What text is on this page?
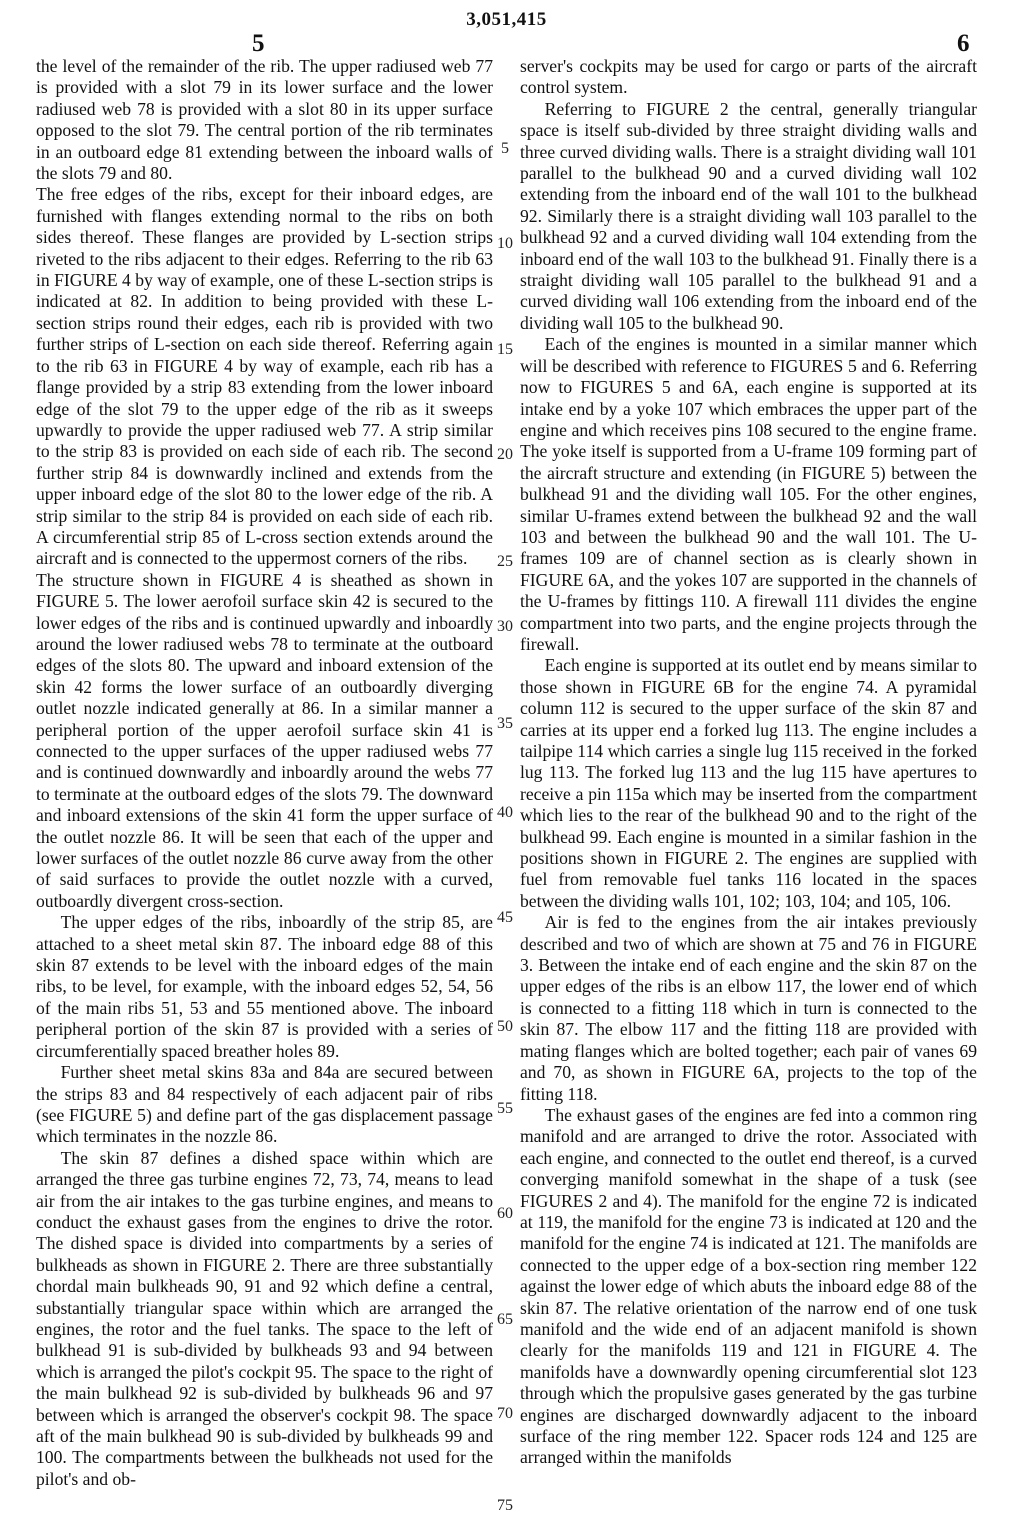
3,051,415
5	6

the level of the remainder of the rib. The upper radiused web 77 is provided with a slot 79 in its lower surface and the lower radiused web 78 is provided with a slot 80 in its upper surface opposed to the slot 79. The central portion of the rib terminates in an outboard edge 81 extending between the inboard walls of the slots 79 and 80.

The free edges of the ribs, except for their inboard edges, are furnished with flanges extending normal to the ribs on both sides thereof. These flanges are provided by L-section strips riveted to the ribs adjacent to their edges. Referring to the rib 63 in FIGURE 4 by way of example, one of these L-section strips is indicated at 82. In addition to being provided with these L-section strips round their edges, each rib is provided with two further strips of L-section on each side thereof. Referring again to the rib 63 in FIGURE 4 by way of example, each rib has a flange provided by a strip 83 extending from the lower inboard edge of the slot 79 to the upper edge of the rib as it sweeps upwardly to provide the upper radiused web 77. A strip similar to the strip 83 is provided on each side of each rib. The second further strip 84 is downwardly inclined and extends from the upper inboard edge of the slot 80 to the lower edge of the rib. A strip similar to the strip 84 is provided on each side of each rib. A circumferential strip 85 of L-cross section extends around the aircraft and is connected to the uppermost corners of the ribs.

The structure shown in FIGURE 4 is sheathed as shown in FIGURE 5. The lower aerofoil surface skin 42 is secured to the lower edges of the ribs and is continued upwardly and inboardly around the lower radiused webs 78 to terminate at the outboard edges of the slots 80. The upward and inboard extension of the skin 42 forms the lower surface of an outboardly diverging outlet nozzle indicated generally at 86. In a similar manner a peripheral portion of the upper aerofoil surface skin 41 is connected to the upper surfaces of the upper radiused webs 77 and is continued downwardly and inboardly around the webs 77 to terminate at the outboard edges of the slots 79. The downward and inboard extensions of the skin 41 form the upper surface of the outlet nozzle 86. It will be seen that each of the upper and lower surfaces of the outlet nozzle 86 curve away from the other of said surfaces to provide the outlet nozzle with a curved, outboardly divergent cross-section.

The upper edges of the ribs, inboardly of the strip 85, are attached to a sheet metal skin 87. The inboard edge 88 of this skin 87 extends to be level with the inboard edges of the main ribs, to be level, for example, with the inboard edges 52, 54, 56 of the main ribs 51, 53 and 55 mentioned above. The inboard peripheral portion of the skin 87 is provided with a series of circumferentially spaced breather holes 89.

Further sheet metal skins 83a and 84a are secured between the strips 83 and 84 respectively of each adjacent pair of ribs (see FIGURE 5) and define part of the gas displacement passage which terminates in the nozzle 86.

The skin 87 defines a dished space within which are arranged the three gas turbine engines 72, 73, 74, means to lead air from the air intakes to the gas turbine engines, and means to conduct the exhaust gases from the engines to drive the rotor. The dished space is divided into compartments by a series of bulkheads as shown in FIGURE 2. There are three substantially chordal main bulkheads 90, 91 and 92 which define a central, substantially triangular space within which are arranged the engines, the rotor and the fuel tanks. The space to the left of bulkhead 91 is sub-divided by bulkheads 93 and 94 between which is arranged the pilot's cockpit 95. The space to the right of the main bulkhead 92 is sub-divided by bulkheads 96 and 97 between which is arranged the observer's cockpit 98. The space aft of the main bulkhead 90 is sub-divided by bulkheads 99 and 100. The compartments between the bulkheads not used for the pilot's and ob-

5
10
15
20
25
30
35
40
45
50
55
60
65
70
75

server's cockpits may be used for cargo or parts of the aircraft control system.

Referring to FIGURE 2 the central, generally triangular space is itself sub-divided by three straight dividing walls and three curved dividing walls. There is a straight dividing wall 101 parallel to the bulkhead 90 and a curved dividing wall 102 extending from the inboard end of the wall 101 to the bulkhead 92. Similarly there is a straight dividing wall 103 parallel to the bulkhead 92 and a curved dividing wall 104 extending from the inboard end of the wall 103 to the bulkhead 91. Finally there is a straight dividing wall 105 parallel to the bulkhead 91 and a curved dividing wall 106 extending from the inboard end of the dividing wall 105 to the bulkhead 90.

Each of the engines is mounted in a similar manner which will be described with reference to FIGURES 5 and 6. Referring now to FIGURES 5 and 6A, each engine is supported at its intake end by a yoke 107 which embraces the upper part of the engine and which receives pins 108 secured to the engine frame. The yoke itself is supported from a U-frame 109 forming part of the aircraft structure and extending (in FIGURE 5) between the bulkhead 91 and the dividing wall 105. For the other engines, similar U-frames extend between the bulkhead 92 and the wall 103 and between the bulkhead 90 and the wall 101. The U-frames 109 are of channel section as is clearly shown in FIGURE 6A, and the yokes 107 are supported in the channels of the U-frames by fittings 110. A firewall 111 divides the engine compartment into two parts, and the engine projects through the firewall.

Each engine is supported at its outlet end by means similar to those shown in FIGURE 6B for the engine 74. A pyramidal column 112 is secured to the upper surface of the skin 87 and carries at its upper end a forked lug 113. The engine includes a tailpipe 114 which carries a single lug 115 received in the forked lug 113. The forked lug 113 and the lug 115 have apertures to receive a pin 115a which may be inserted from the compartment which lies to the rear of the bulkhead 90 and to the right of the bulkhead 99. Each engine is mounted in a similar fashion in the positions shown in FIGURE 2. The engines are supplied with fuel from removable fuel tanks 116 located in the spaces between the dividing walls 101, 102; 103, 104; and 105, 106.

Air is fed to the engines from the air intakes previously described and two of which are shown at 75 and 76 in FIGURE 3. Between the intake end of each engine and the skin 87 on the upper edges of the ribs is an elbow 117, the lower end of which is connected to a fitting 118 which in turn is connected to the skin 87. The elbow 117 and the fitting 118 are provided with mating flanges which are bolted together; each pair of vanes 69 and 70, as shown in FIGURE 6A, projects to the top of the fitting 118.

The exhaust gases of the engines are fed into a common ring manifold and are arranged to drive the rotor. Associated with each engine, and connected to the outlet end thereof, is a curved converging manifold somewhat in the shape of a tusk (see FIGURES 2 and 4). The manifold for the engine 72 is indicated at 119, the manifold for the engine 73 is indicated at 120 and the manifold for the engine 74 is indicated at 121. The manifolds are connected to the upper edge of a box-section ring member 122 against the lower edge of which abuts the inboard edge 88 of the skin 87. The relative orientation of the narrow end of one tusk manifold and the wide end of an adjacent manifold is shown clearly for the manifolds 119 and 121 in FIGURE 4. The manifolds have a downwardly opening circumferential slot 123 through which the propulsive gases generated by the gas turbine engines are discharged downwardly adjacent to the inboard surface of the ring member 122. Spacer rods 124 and 125 are arranged within the manifolds
